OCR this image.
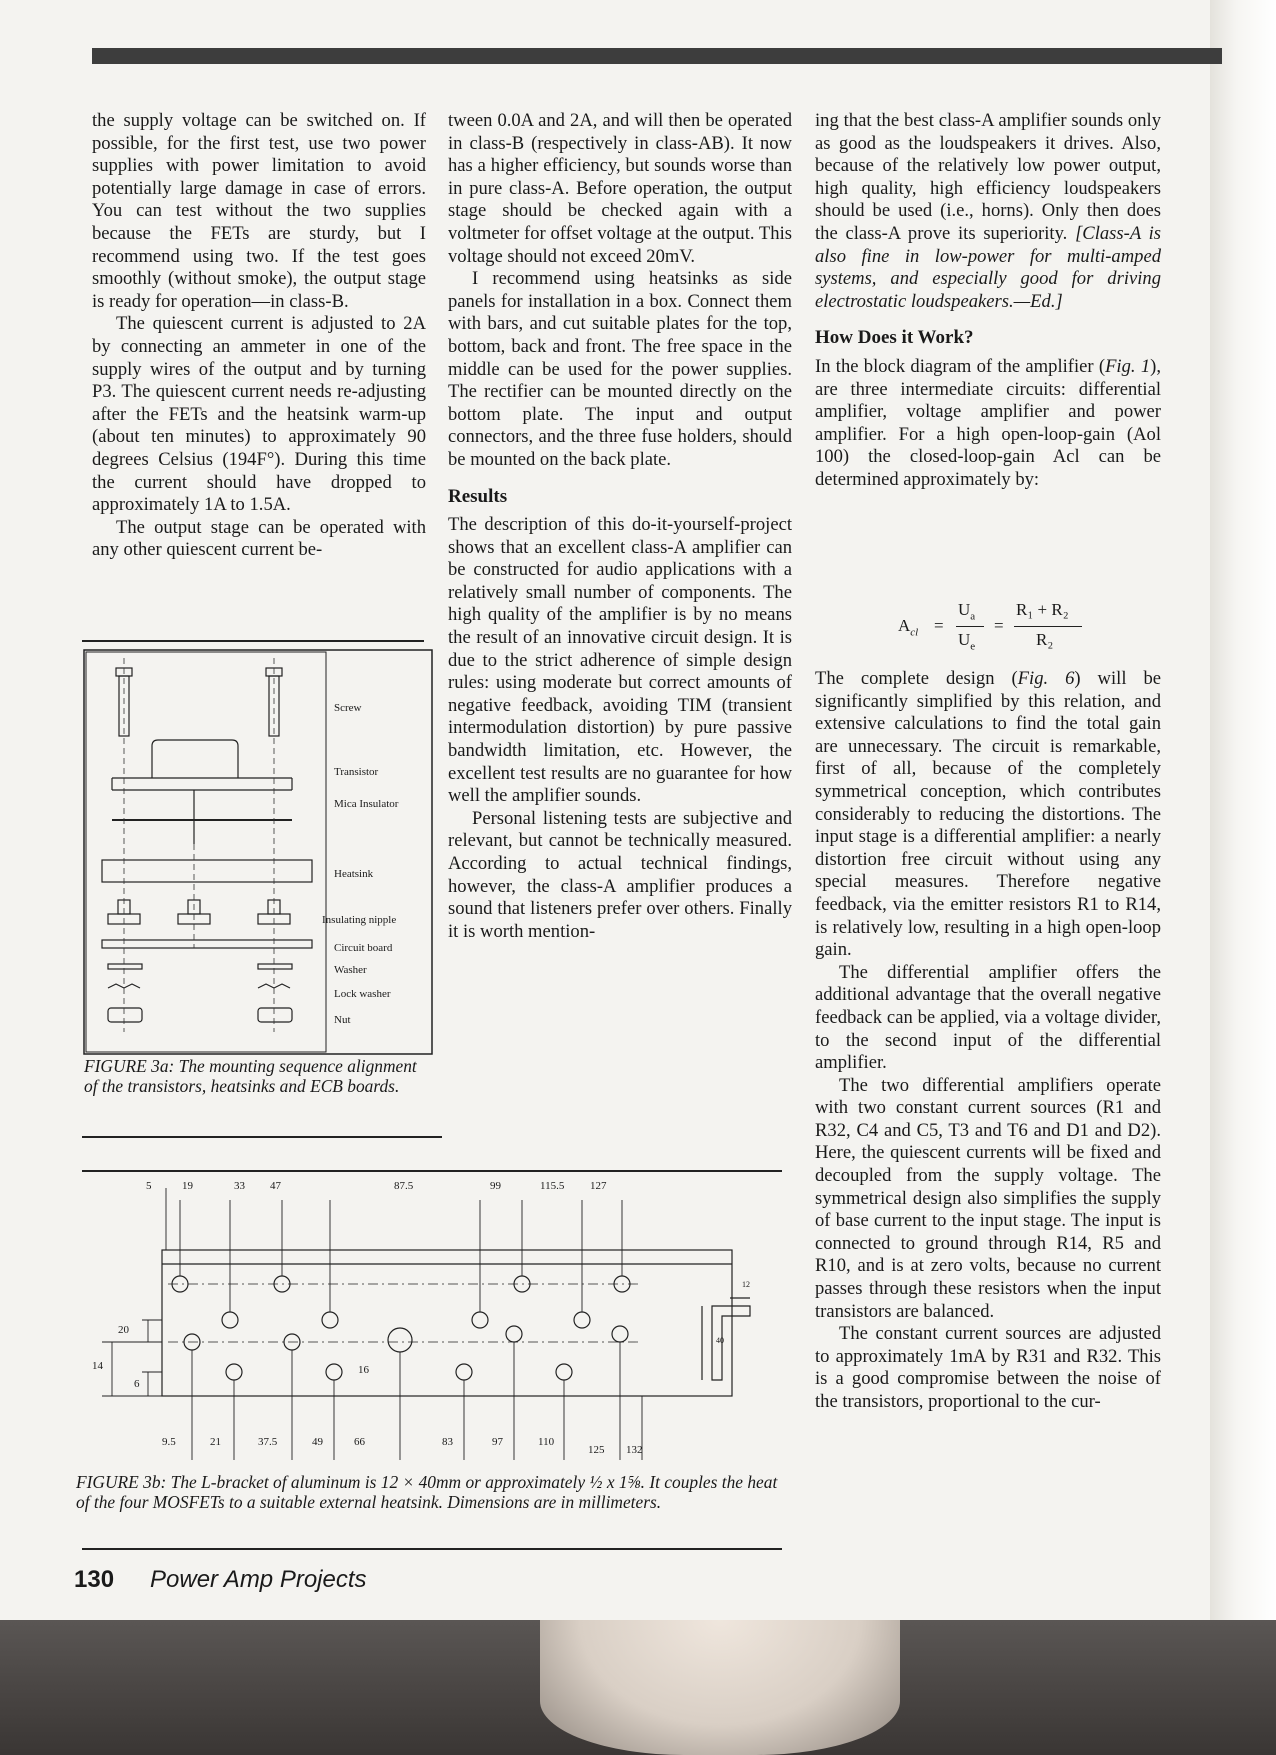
the supply voltage can be switched on. If possible, for the first test, use two power supplies with power limitation to avoid potentially large damage in case of errors. You can test without the two supplies because the FETs are sturdy, but I recommend using two. If the test goes smoothly (without smoke), the output stage is ready for operation—in class-B.

The quiescent current is adjusted to 2A by connecting an ammeter in one of the supply wires of the output and by turning P3. The quiescent current needs re-adjusting after the FETs and the heatsink warm-up (about ten minutes) to approximately 90 degrees Celsius (194F°). During this time the current should have dropped to approximately 1A to 1.5A.

The output stage can be operated with any other quiescent current be-

tween 0.0A and 2A, and will then be operated in class-B (respectively in class-AB). It now has a higher efficiency, but sounds worse than in pure class-A. Before operation, the output stage should be checked again with a voltmeter for offset voltage at the output. This voltage should not exceed 20mV.

I recommend using heatsinks as side panels for installation in a box. Connect them with bars, and cut suitable plates for the top, bottom, back and front. The free space in the middle can be used for the power supplies. The rectifier can be mounted directly on the bottom plate. The input and output connectors, and the three fuse holders, should be mounted on the back plate.

Results

The description of this do-it-yourself-project shows that an excellent class-A amplifier can be constructed for audio applications with a relatively small number of components. The high quality of the amplifier is by no means the result of an innovative circuit design. It is due to the strict adherence of simple design rules: using moderate but correct amounts of negative feedback, avoiding TIM (transient intermodulation distortion) by pure passive bandwidth limitation, etc. However, the excellent test results are no guarantee for how well the amplifier sounds.

Personal listening tests are subjective and relevant, but cannot be technically measured. According to actual technical findings, however, the class-A amplifier produces a sound that listeners prefer over others. Finally it is worth mention-

ing that the best class-A amplifier sounds only as good as the loudspeakers it drives. Also, because of the relatively low power output, high quality, high efficiency loudspeakers should be used (i.e., horns). Only then does the class-A prove its superiority. [Class-A is also fine in low-power for multi-amped systems, and especially good for driving electrostatic loudspeakers.—Ed.]

How Does it Work?

In the block diagram of the amplifier (Fig. 1), are three intermediate circuits: differential amplifier, voltage amplifier and power amplifier. For a high open-loop-gain (Aol 100) the closed-loop-gain Acl can be determined approximately by:

$A_{cl}$ =
$U_a$
$U_e$
=
R₁ + R₂
R₂

The complete design (Fig. 6) will be significantly simplified by this relation, and extensive calculations to find the total gain are unnecessary. The circuit is remarkable, first of all, because of the completely symmetrical conception, which contributes considerably to reducing the distortions. The input stage is a differential amplifier: a nearly distortion free circuit without using any special measures. Therefore negative feedback, via the emitter resistors R1 to R14, is relatively low, resulting in a high open-loop gain.

The differential amplifier offers the additional advantage that the overall negative feedback can be applied, via a voltage divider, to the second input of the differential amplifier.

The two differential amplifiers operate with two constant current sources (R1 and R32, C4 and C5, T3 and T6 and D1 and D2). Here, the quiescent currents will be fixed and decoupled from the supply voltage. The symmetrical design also simplifies the supply of base current to the input stage. The input is connected to ground through R14, R5 and R10, and is at zero volts, because no current passes through these resistors when the input transistors are balanced.

The constant current sources are adjusted to approximately 1mA by R31 and R32. This is a good compromise between the noise of the transistors, proportional to the cur-

Screw
Transistor
Mica Insulator
Heatsink
Insulating nipple
Circuit board
Washer
Lock washer
Nut
FIGURE 3a: The mounting sequence alignment of the transistors, heatsinks and ECB boards.
5	19	33 47	87.5	99	115.5 127
9.5	21	37.5	49	66	83	97	110
125 132
20
14
6
16
12
40
FIGURE 3b: The L-bracket of aluminum is 12 × 40mm or approximately ½ x 1⅝. It couples the heat of the four MOSFETs to a suitable external heatsink. Dimensions are in millimeters.
130 Power Amp Projects
